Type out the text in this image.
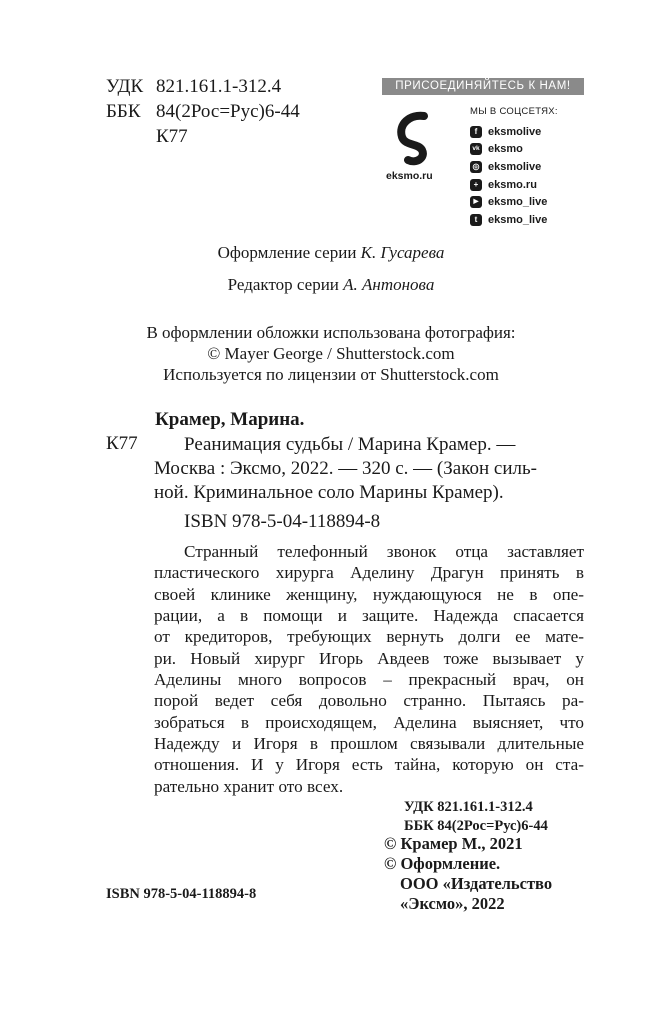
УДК 821.161.1-312.4
ББК 84(2Рос=Рус)6-44
К77
ПРИСОЕДИНЯЙТЕСЬ К НАМ!
eksmo.ru
МЫ В СОЦСЕТЯХ:
f eksmolive
vk eksmo
◎ eksmolive
+ eksmo.ru
▶ eksmo_live
t eksmo_live
Оформление серии К. Гусарева
Редактор серии А. Антонова
В оформлении обложки использована фотография:
© Mayer George / Shutterstock.com
Используется по лицензии от Shutterstock.com
Крамер, Марина.
К77	Реанимация судьбы / Марина Крамер. —
Москва : Эксмо, 2022. — 320 с. — (Закон силь-
ной. Криминальное соло Марины Крамер).
ISBN 978-5-04-118894-8
Странный телефонный звонок отца заставляет
пластического хирурга Аделину Драгун принять в
своей клинике женщину, нуждающуюся не в опе-
рации, а в помощи и защите. Надежда спасается
от кредиторов, требующих вернуть долги ее мате-
ри. Новый хирург Игорь Авдеев тоже вызывает у
Аделины много вопросов – прекрасный врач, он
порой ведет себя довольно странно. Пытаясь ра-
зобраться в происходящем, Аделина выясняет, что
Надежду и Игоря в прошлом связывали длительные
отношения. И у Игоря есть тайна, которую он ста-
рательно хранит ото всех.
УДК 821.161.1-312.4
ББК 84(2Рос=Рус)6-44
© Крамер М., 2021
© Оформление.
ООО «Издательство
«Эксмо», 2022
ISBN 978-5-04-118894-8
